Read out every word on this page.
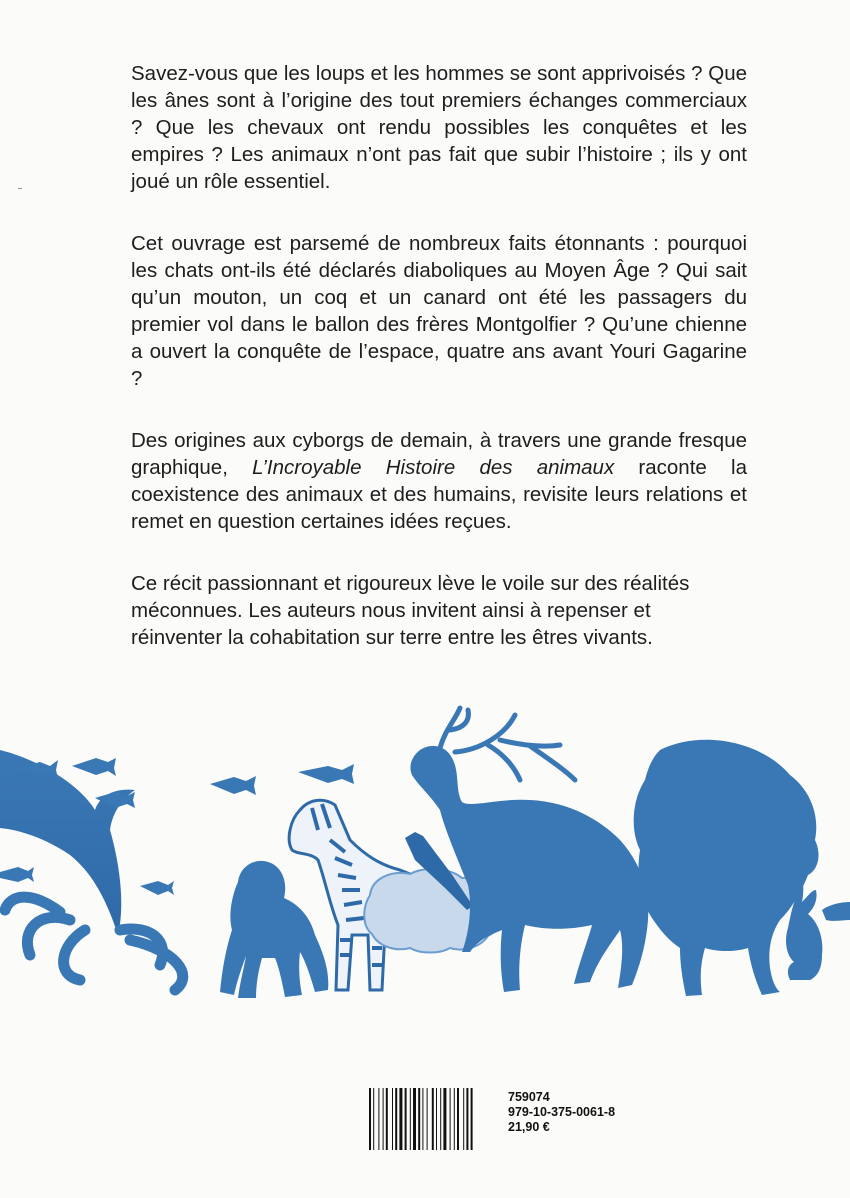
Savez-vous que les loups et les hommes se sont apprivoisés ? Que les ânes sont à l’origine des tout premiers échanges commerciaux ? Que les chevaux ont rendu possibles les conquêtes et les empires ? Les animaux n’ont pas fait que subir l’histoire ; ils y ont joué un rôle essentiel.

Cet ouvrage est parsemé de nombreux faits étonnants : pourquoi les chats ont-ils été déclarés diaboliques au Moyen Âge ? Qui sait qu’un mouton, un coq et un canard ont été les passagers du premier vol dans le ballon des frères Montgolfier ? Qu’une chienne a ouvert la conquête de l’espace, quatre ans avant Youri Gagarine ?

Des origines aux cyborgs de demain, à travers une grande fresque graphique, L’Incroyable Histoire des animaux raconte la coexistence des animaux et des humains, revisite leurs relations et remet en question certaines idées reçues.

Ce récit passionnant et rigoureux lève le voile sur des réalités méconnues. Les auteurs nous invitent ainsi à repenser et réinventer la cohabitation sur terre entre les êtres vivants.

759074
979-10-375-0061-8
21,90 €
